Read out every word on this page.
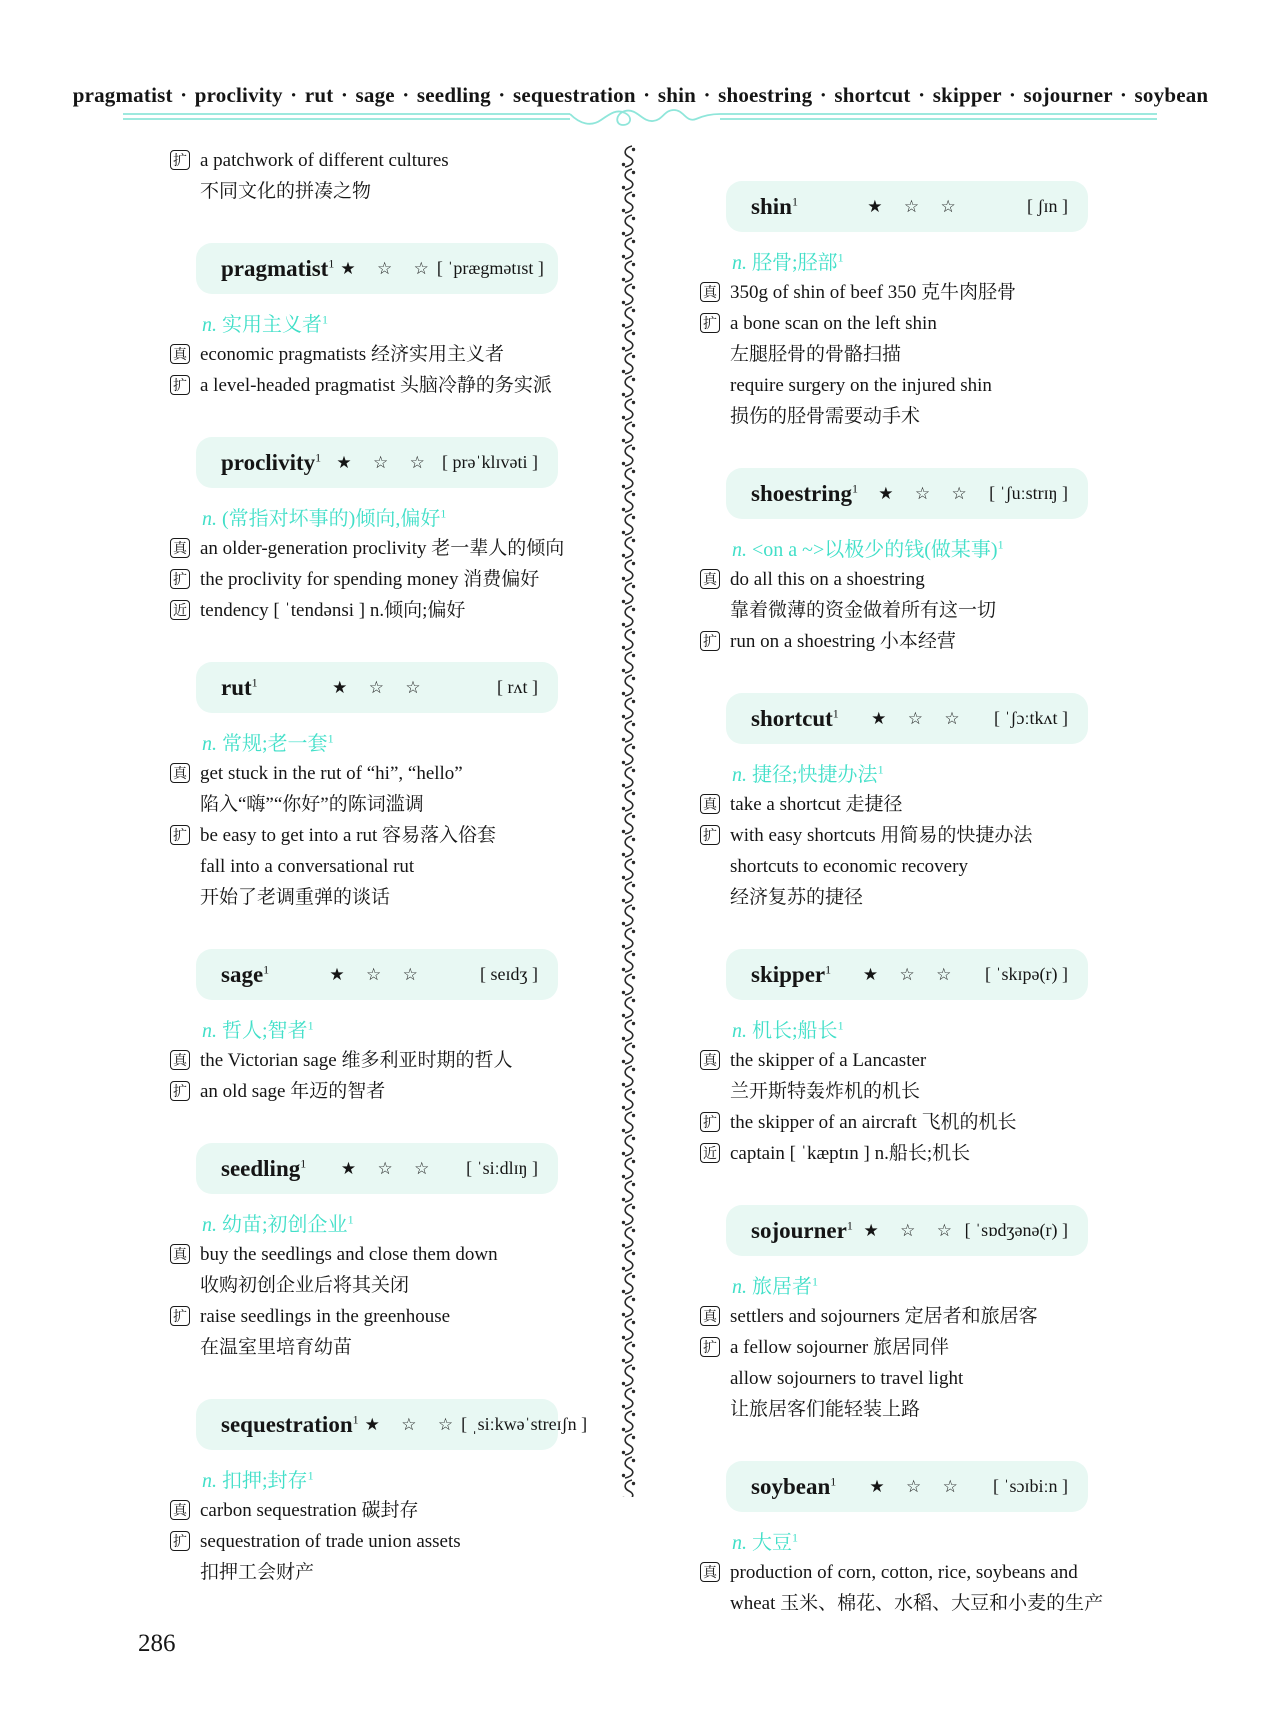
pragmatist · proclivity · rut · sage · seedling · sequestration · shin · shoestring · shortcut · skipper · sojourner · soybean
扩 a patchwork of different cultures
不同文化的拼凑之物
pragmatist$^1$ ★ ☆ ☆ [ ˈprægmətɪst ]
n. 实用主义者$^1$
真 economic pragmatists 经济实用主义者
扩 a level-headed pragmatist 头脑冷静的务实派
proclivity$^1$ ★ ☆ ☆ [ prəˈklɪvəti ]
n. (常指对坏事的)倾向,偏好$^1$
真 an older-generation proclivity 老一辈人的倾向
扩 the proclivity for spending money 消费偏好
近 tendency [ ˈtendənsi ] n.倾向;偏好
rut$^1$	★ ☆ ☆	[ rʌt ]
n. 常规;老一套$^1$
真 get stuck in the rut of “hi”, “hello”
陷入“嗨”“你好”的陈词滥调
扩 be easy to get into a rut 容易落入俗套
fall into a conversational rut
开始了老调重弹的谈话
sage$^1$	★ ☆ ☆	[ seɪdʒ ]
n. 哲人;智者$^1$
真 the Victorian sage 维多利亚时期的哲人
扩 an old sage 年迈的智者
seedling$^1$	★ ☆ ☆	[ ˈsiːdlɪŋ ]
n. 幼苗;初创企业$^1$
真 buy the seedlings and close them down
收购初创企业后将其关闭
扩 raise seedlings in the greenhouse
在温室里培育幼苗
sequestration$^1$ ★ ☆ ☆ [ ˌsiːkwəˈstreɪʃn ]
n. 扣押;封存$^1$
真 carbon sequestration 碳封存
扩 sequestration of trade union assets
扣押工会财产
shin$^1$	★ ☆ ☆	[ ʃɪn ]
n. 胫骨;胫部$^1$
真 350g of shin of beef 350 克牛肉胫骨
扩 a bone scan on the left shin
左腿胫骨的骨骼扫描
require surgery on the injured shin
损伤的胫骨需要动手术
shoestring$^1$	★ ☆ ☆ [ ˈʃuːstrɪŋ ]
n. <on a ~>以极少的钱(做某事)$^1$
真 do all this on a shoestring
靠着微薄的资金做着所有这一切
扩 run on a shoestring 小本经营
shortcut$^1$	★ ☆ ☆	[ ˈʃɔːtkʌt ]
n. 捷径;快捷办法$^1$
真 take a shortcut 走捷径
扩 with easy shortcuts 用简易的快捷办法
shortcuts to economic recovery
经济复苏的捷径
skipper$^1$	★ ☆ ☆	[ ˈskɪpə(r) ]
n. 机长;船长$^1$
真 the skipper of a Lancaster
兰开斯特轰炸机的机长
扩 the skipper of an aircraft 飞机的机长
近 captain [ ˈkæptɪn ] n.船长;机长
sojourner$^1$ ★ ☆ ☆ [ ˈsɒdʒənə(r) ]
n. 旅居者$^1$
真 settlers and sojourners 定居者和旅居客
扩 a fellow sojourner 旅居同伴
allow sojourners to travel light
让旅居客们能轻装上路
soybean$^1$	★ ☆ ☆	[ ˈsɔɪbiːn ]
n. 大豆$^1$
真 production of corn, cotton, rice, soybeans and
wheat 玉米、棉花、水稻、大豆和小麦的生产
286
